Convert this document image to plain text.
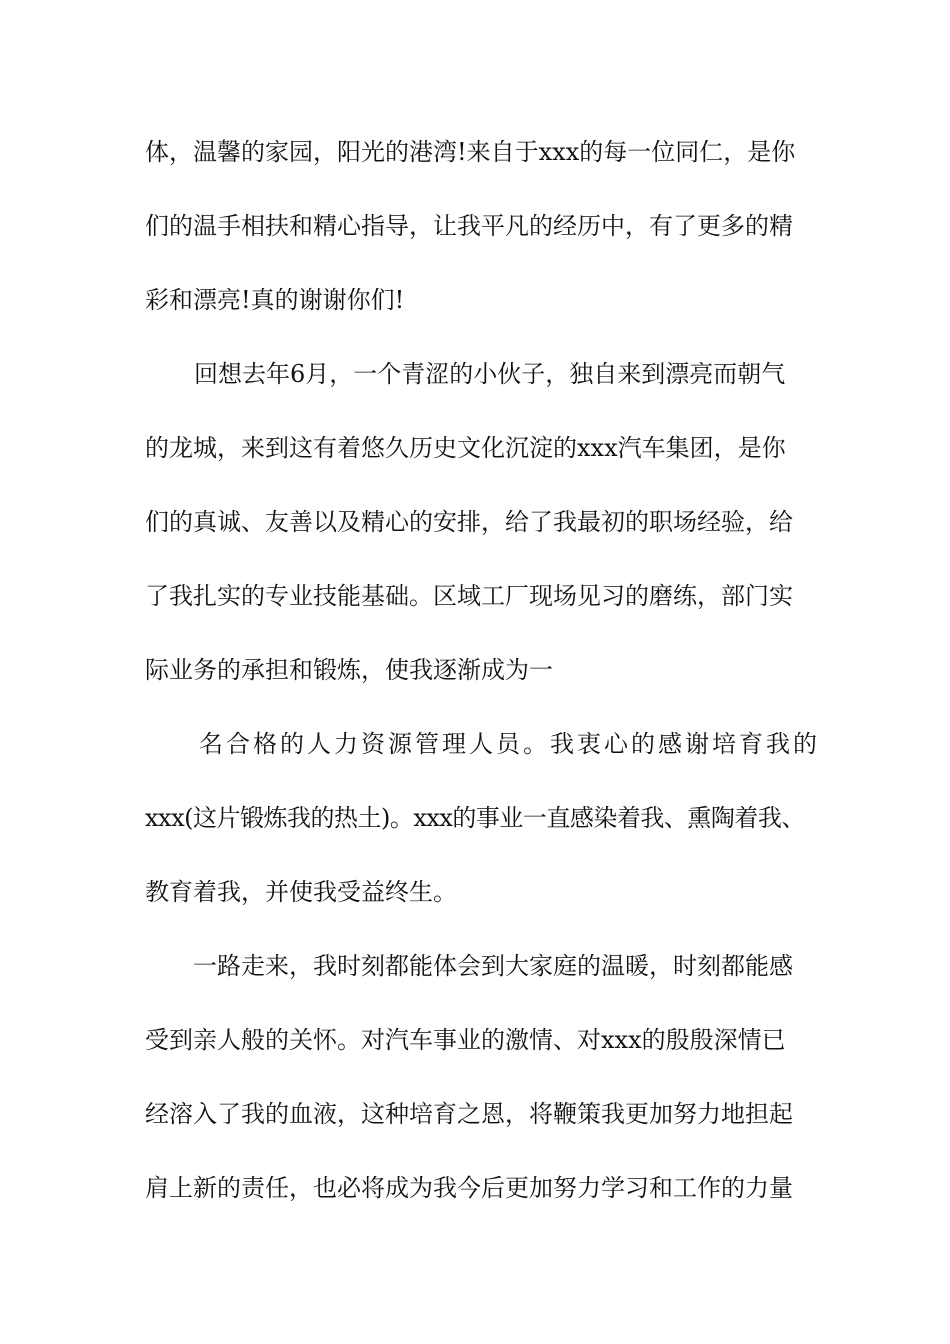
体，温馨的家园，阳光的港湾!来自于xxx的每一位同仁，是你
们的温手相扶和精心指导，让我平凡的经历中，有了更多的精
彩和漂亮!真的谢谢你们!
回想去年6月，一个青涩的小伙子，独自来到漂亮而朝气
的龙城，来到这有着悠久历史文化沉淀的xxx汽车集团，是你
们的真诚、友善以及精心的安排，给了我最初的职场经验，给
了我扎实的专业技能基础。区域工厂现场见习的磨练，部门实
际业务的承担和锻炼，使我逐渐成为一
名合格的人力资源管理人员。我衷心的感谢培育我的
xxx(这片锻炼我的热土)。xxx的事业一直感染着我、熏陶着我、
教育着我，并使我受益终生。
一路走来，我时刻都能体会到大家庭的温暖，时刻都能感
受到亲人般的关怀。对汽车事业的激情、对xxx的殷殷深情已
经溶入了我的血液，这种培育之恩，将鞭策我更加努力地担起
肩上新的责任，也必将成为我今后更加努力学习和工作的力量
